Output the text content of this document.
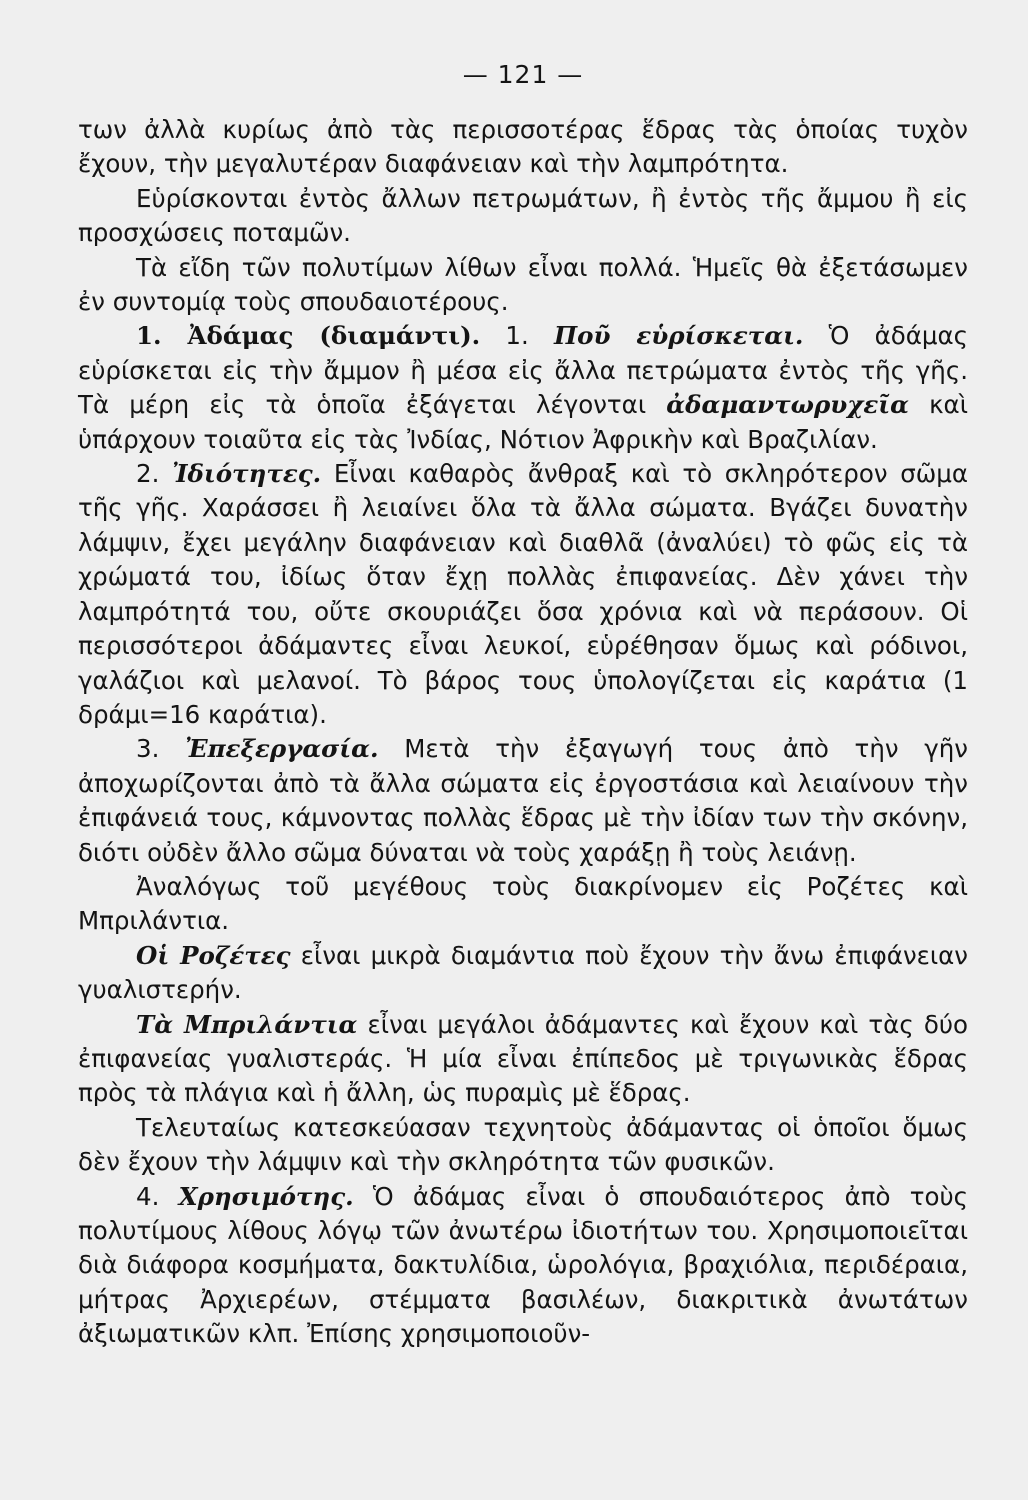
— 121 —

των ἀλλὰ κυρίως ἀπὸ τὰς περισσοτέρας ἕδρας τὰς ὁποίας τυχὸν ἔχουν, τὴν μεγαλυτέραν διαφάνειαν καὶ τὴν λαμπρότητα.

Εὑρίσκονται ἐντὸς ἄλλων πετρωμάτων, ἢ ἐντὸς τῆς ἄμμου ἢ εἰς προσχώσεις ποταμῶν.

Τὰ εἴδη τῶν πολυτίμων λίθων εἶναι πολλά. Ἡμεῖς θὰ ἐξετάσωμεν ἐν συντομίᾳ τοὺς σπουδαιοτέρους.

1. Ἀδάμας (διαμάντι). 1. Ποῦ εὑρίσκεται. Ὁ ἀδάμας εὑρίσκεται εἰς τὴν ἄμμον ἢ μέσα εἰς ἄλλα πετρώματα ἐντὸς τῆς γῆς. Τὰ μέρη εἰς τὰ ὁποῖα ἐξάγεται λέγονται ἀδαμαντωρυχεῖα καὶ ὑπάρχουν τοιαῦτα εἰς τὰς Ἰνδίας, Νότιον Ἀφρικὴν καὶ Βραζιλίαν.

2. Ἰδιότητες. Εἶναι καθαρὸς ἄνθραξ καὶ τὸ σκληρότερον σῶμα τῆς γῆς. Χαράσσει ἢ λειαίνει ὅλα τὰ ἄλλα σώματα. Βγάζει δυνατὴν λάμψιν, ἔχει μεγάλην διαφάνειαν καὶ διαθλᾶ (ἀναλύει) τὸ φῶς εἰς τὰ χρώματά του, ἰδίως ὅταν ἔχῃ πολλὰς ἐπιφανείας. Δὲν χάνει τὴν λαμπρότητά του, οὔτε σκουριάζει ὅσα χρόνια καὶ νὰ περάσουν. Οἱ περισσότεροι ἀδάμαντες εἶναι λευκοί, εὑρέθησαν ὅμως καὶ ρόδινοι, γαλάζιοι καὶ μελανοί. Τὸ βάρος τους ὑπολογίζεται εἰς καράτια (1 δράμι=16 καράτια).

3. Ἐπεξεργασία. Μετὰ τὴν ἐξαγωγή τους ἀπὸ τὴν γῆν ἀποχωρίζονται ἀπὸ τὰ ἄλλα σώματα εἰς ἐργοστάσια καὶ λειαίνουν τὴν ἐπιφάνειά τους, κάμνοντας πολλὰς ἕδρας μὲ τὴν ἰδίαν των τὴν σκόνην, διότι οὐδὲν ἄλλο σῶμα δύναται νὰ τοὺς χαράξῃ ἢ τοὺς λειάνῃ.

Ἀναλόγως τοῦ μεγέθους τοὺς διακρίνομεν εἰς Ροζέτες καὶ Μπριλάντια.

Οἱ Ροζέτες εἶναι μικρὰ διαμάντια ποὺ ἔχουν τὴν ἄνω ἐπιφάνειαν γυαλιστερήν.

Τὰ Μπριλάντια εἶναι μεγάλοι ἀδάμαντες καὶ ἔχουν καὶ τὰς δύο ἐπιφανείας γυαλιστεράς. Ἡ μία εἶναι ἐπίπεδος μὲ τριγωνικὰς ἕδρας πρὸς τὰ πλάγια καὶ ἡ ἄλλη, ὡς πυραμὶς μὲ ἕδρας.

Τελευταίως κατεσκεύασαν τεχνητοὺς ἀδάμαντας οἱ ὁποῖοι ὅμως δὲν ἔχουν τὴν λάμψιν καὶ τὴν σκληρότητα τῶν φυσικῶν.

4. Χρησιμότης. Ὁ ἀδάμας εἶναι ὁ σπουδαιότερος ἀπὸ τοὺς πολυτίμους λίθους λόγῳ τῶν ἀνωτέρω ἰδιοτήτων του. Χρησιμοποιεῖται διὰ διάφορα κοσμήματα, δακτυλίδια, ὡρολόγια, βραχιόλια, περιδέραια, μήτρας Ἀρχιερέων, στέμματα βασιλέων, διακριτικὰ ἀνωτάτων ἀξιωματικῶν κλπ. Ἐπίσης χρησιμοποιοῦν-
